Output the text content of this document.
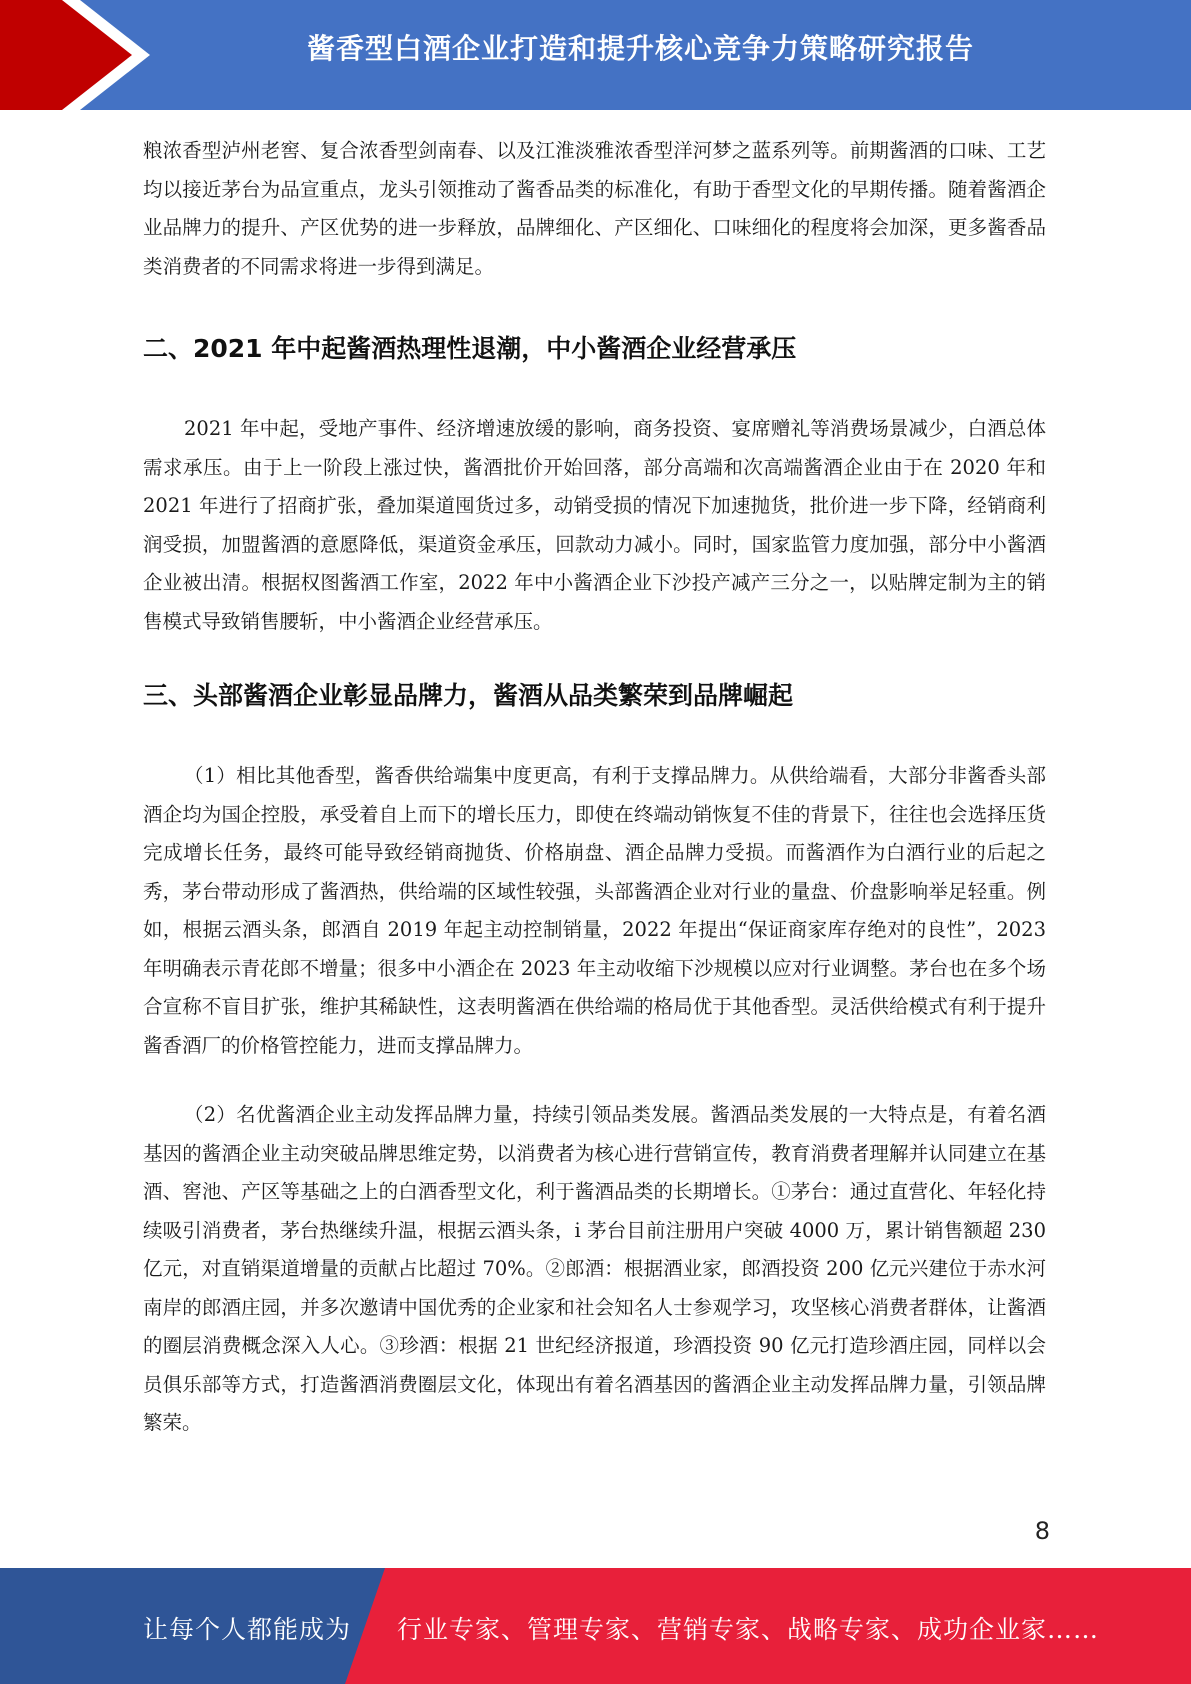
酱香型白酒企业打造和提升核心竞争力策略研究报告

粮浓香型泸州老窖、复合浓香型剑南春、以及江淮淡雅浓香型洋河梦之蓝系列等。前期酱酒的口味、工艺均以接近茅台为品宣重点，龙头引领推动了酱香品类的标准化，有助于香型文化的早期传播。随着酱酒企业品牌力的提升、产区优势的进一步释放，品牌细化、产区细化、口味细化的程度将会加深，更多酱香品类消费者的不同需求将进一步得到满足。

二、2021 年中起酱酒热理性退潮，中小酱酒企业经营承压

2021 年中起，受地产事件、经济增速放缓的影响，商务投资、宴席赠礼等消费场景减少，白酒总体需求承压。由于上一阶段上涨过快，酱酒批价开始回落，部分高端和次高端酱酒企业由于在 2020 年和 2021 年进行了招商扩张，叠加渠道囤货过多，动销受损的情况下加速抛货，批价进一步下降，经销商利润受损，加盟酱酒的意愿降低，渠道资金承压，回款动力减小。同时，国家监管力度加强，部分中小酱酒企业被出清。根据权图酱酒工作室，2022 年中小酱酒企业下沙投产减产三分之一，以贴牌定制为主的销售模式导致销售腰斩，中小酱酒企业经营承压。

三、头部酱酒企业彰显品牌力，酱酒从品类繁荣到品牌崛起

（1）相比其他香型，酱香供给端集中度更高，有利于支撑品牌力。从供给端看，大部分非酱香头部酒企均为国企控股，承受着自上而下的增长压力，即使在终端动销恢复不佳的背景下，往往也会选择压货完成增长任务，最终可能导致经销商抛货、价格崩盘、酒企品牌力受损。而酱酒作为白酒行业的后起之秀，茅台带动形成了酱酒热，供给端的区域性较强，头部酱酒企业对行业的量盘、价盘影响举足轻重。例如，根据云酒头条，郎酒自 2019 年起主动控制销量，2022 年提出“保证商家库存绝对的良性”，2023 年明确表示青花郎不增量；很多中小酒企在 2023 年主动收缩下沙规模以应对行业调整。茅台也在多个场合宣称不盲目扩张，维护其稀缺性，这表明酱酒在供给端的格局优于其他香型。灵活供给模式有利于提升酱香酒厂的价格管控能力，进而支撑品牌力。

（2）名优酱酒企业主动发挥品牌力量，持续引领品类发展。酱酒品类发展的一大特点是，有着名酒基因的酱酒企业主动突破品牌思维定势，以消费者为核心进行营销宣传，教育消费者理解并认同建立在基酒、窖池、产区等基础之上的白酒香型文化，利于酱酒品类的长期增长。①茅台：通过直营化、年轻化持续吸引消费者，茅台热继续升温，根据云酒头条，i 茅台目前注册用户突破 4000 万，累计销售额超 230 亿元，对直销渠道增量的贡献占比超过 70%。②郎酒：根据酒业家，郎酒投资 200 亿元兴建位于赤水河南岸的郎酒庄园，并多次邀请中国优秀的企业家和社会知名人士参观学习，攻坚核心消费者群体，让酱酒的圈层消费概念深入人心。③珍酒：根据 21 世纪经济报道，珍酒投资 90 亿元打造珍酒庄园，同样以会员俱乐部等方式，打造酱酒消费圈层文化，体现出有着名酒基因的酱酒企业主动发挥品牌力量，引领品牌繁荣。

8
让每个人都能成为 行业专家、管理专家、营销专家、战略专家、成功企业家……
